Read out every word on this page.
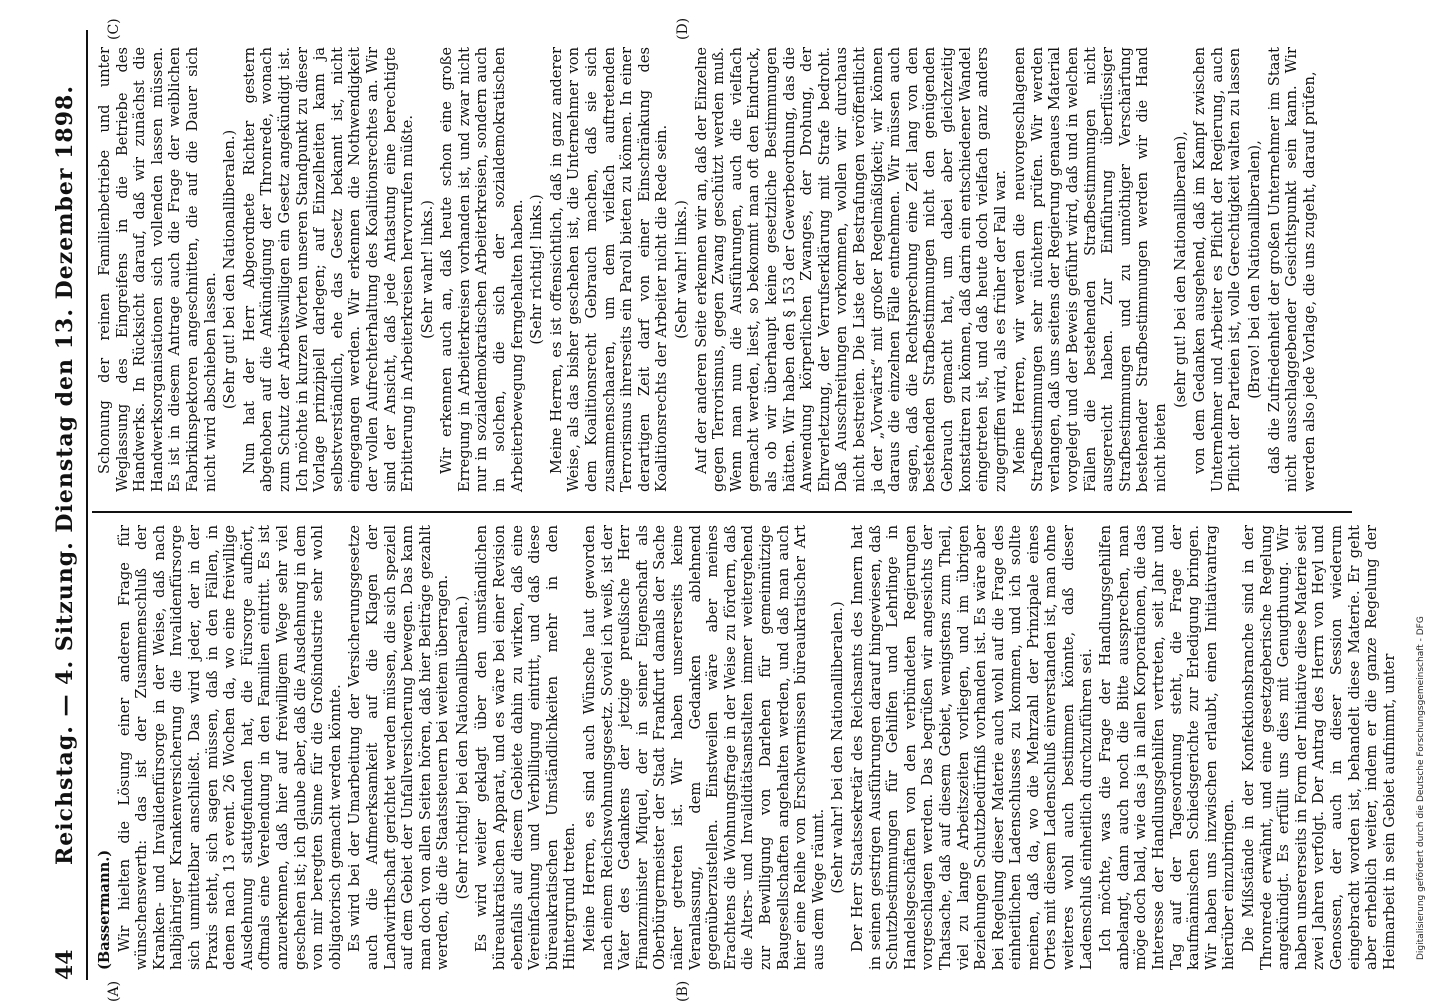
44
Reichstag. — 4. Sitzung. Dienstag den 13. Dezember 1898.
(A)	(B)
(C)	(D)

(Bassermann.) Wir hielten die Lösung einer anderen Frage für wünschenswerth: das ist der Zusammenschluß der Kranken- und Invalidenfürsorge in der Weise, daß nach halbjähriger Krankenversicherung die Invalidenfürsorge sich unmittelbar anschließt. Das wird jeder, der in der Praxis steht, sich sagen müssen, daß in den Fällen, in denen nach 13 event. 26 Wochen da, wo eine freiwillige Ausdehnung stattgefunden hat, die Fürsorge aufhört, oftmals eine Verelendung in den Familien eintritt. Es ist anzuerkennen, daß hier auf freiwilligem Wege sehr viel geschehen ist; ich glaube aber, daß die Ausdehnung in dem von mir beregten Sinne für die Großindustrie sehr wohl obligatorisch gemacht werden könnte. Es wird bei der Umarbeitung der Versicherungsgesetze auch die Aufmerksamkeit auf die Klagen der Landwirthschaft gerichtet werden müssen, die sich speziell auf dem Gebiet der Unfallversicherung bewegen. Das kann man doch von allen Seiten hören, daß hier Beiträge gezahlt werden, die die Staatssteuern bei weitem überragen. (Sehr richtig! bei den Nationalliberalen.) Es wird weiter geklagt über den umständlichen büreaukratischen Apparat, und es wäre bei einer Revision ebenfalls auf diesem Gebiete dahin zu wirken, daß eine Vereinfachung und Verbilligung eintritt, und daß diese büreaukratischen Umständlichkeiten mehr in den Hintergrund treten. Meine Herren, es sind auch Wünsche laut geworden nach einem Reichswohnungsgesetz. Soviel ich weiß, ist der Vater des Gedankens der jetzige preußische Herr Finanzminister Miquel, der in seiner Eigenschaft als Oberbürgermeister der Stadt Frankfurt damals der Sache näher getreten ist. Wir haben unsererseits keine Veranlassung, dem Gedanken ablehnend gegenüberzustellen. Einstweilen wäre aber meines Erachtens die Wohnungsfrage in der Weise zu fördern, daß die Alters- und Invaliditätsanstalten immer weitergehend zur Bewilligung von Darlehen für gemeinnützige Baugesellschaften angehalten werden, und daß man auch hier eine Reihe von Erschwernissen büreaukratischer Art aus dem Wege räumt. (Sehr wahr! bei den Nationalliberalen.) Der Herr Staatssekretär des Reichsamts des Innern hat in seinen gestrigen Ausführungen darauf hingewiesen, daß Schutzbestimmungen für Gehilfen und Lehrlinge in Handelsgeschäften von den verbündeten Regierungen vorgeschlagen werden. Das begrüßen wir angesichts der Thatsache, daß auf diesem Gebiet, wenigstens zum Theil, viel zu lange Arbeitszeiten vorliegen, und im übrigen Beziehungen Schutzbedürfniß vorhanden ist. Es wäre aber bei Regelung dieser Materie auch wohl auf die Frage des einheitlichen Ladenschlusses zu kommen, und ich sollte meinen, daß da, wo die Mehrzahl der Prinzipale eines Ortes mit diesem Ladenschluß einverstanden ist, man ohne weiteres wohl auch bestimmen könnte, daß dieser Ladenschluß einheitlich durchzuführen sei. Ich möchte, was die Frage der Handlungsgehilfen anbelangt, dann auch noch die Bitte aussprechen, man möge doch bald, wie das ja in allen Korporationen, die das Interesse der Handlungsgehilfen vertreten, seit Jahr und Tag auf der Tagesordnung steht, die Frage der kaufmännischen Schiedsgerichte zur Erledigung bringen. Wir haben uns inzwischen erlaubt, einen Initiativantrag hierüber einzubringen. Die Mißstände in der Konfektionsbranche sind in der Thronrede erwähnt, und eine gesetzgeberische Regelung angekündigt. Es erfüllt uns dies mit Genugthuung. Wir haben unsererseits in Form der Initiative diese Materie seit zwei Jahren verfolgt. Der Antrag des Herrn von Heyl und Genossen, der auch in dieser Session wiederum eingebracht worden ist, behandelt diese Materie. Er geht aber erheblich weiter, indem er die ganze Regelung der Heimarbeit in sein Gebiet aufnimmt, unter

Schonung der reinen Familienbetriebe und unter Weglassung des Eingreifens in die Betriebe des Handwerks. In Rücksicht darauf, daß wir zunächst die Handwerksorganisationen sich vollenden lassen müssen. Es ist in diesem Antrage auch die Frage der weiblichen Fabrikinspektoren angeschnitten, die auf die Dauer sich nicht wird abschieben lassen. (Sehr gut! bei den Nationalliberalen.) Nun hat der Herr Abgeordnete Richter gestern abgehoben auf die Ankündigung der Thronrede, wonach zum Schutz der Arbeitswilligen ein Gesetz angekündigt ist. Ich möchte in kurzen Worten unseren Standpunkt zu dieser Vorlage prinzipiell darlegen; auf Einzelheiten kann ja selbstverständlich, ehe das Gesetz bekannt ist, nicht eingegangen werden. Wir erkennen die Nothwendigkeit der vollen Aufrechterhaltung des Koalitionsrechtes an. Wir sind der Ansicht, daß jede Antastung eine berechtigte Erbitterung in Arbeiterkreisen hervorrufen müßte. (Sehr wahr! links.) Wir erkennen auch an, daß heute schon eine große Erregung in Arbeiterkreisen vorhanden ist, und zwar nicht nur in sozialdemokratischen Arbeiterkreisen, sondern auch in solchen, die sich der sozialdemokratischen Arbeiterbewegung ferngehalten haben. (Sehr richtig! links.) Meine Herren, es ist offensichtlich, daß in ganz anderer Weise, als das bisher geschehen ist, die Unternehmer von dem Koalitionsrecht Gebrauch machen, daß sie sich zusammenschaaren, um dem vielfach auftretenden Terrorismus ihrerseits ein Paroli bieten zu können. In einer derartigen Zeit darf von einer Einschränkung des Koalitionsrechts der Arbeiter nicht die Rede sein. (Sehr wahr! links.) Auf der anderen Seite erkennen wir an, daß der Einzelne gegen Terrorismus, gegen Zwang geschützt werden muß. Wenn man nun die Ausführungen, auch die vielfach gemacht werden, liest, so bekommt man oft den Eindruck, als ob wir überhaupt keine gesetzliche Bestimmungen hätten. Wir haben den § 153 der Gewerbeordnung, das die Anwendung körperlichen Zwanges, der Drohung, der Ehrverletzung, der Verrufserklärung mit Strafe bedroht. Daß Ausschreitungen vorkommen, wollen wir durchaus nicht bestreiten. Die Liste der Bestrafungen veröffentlicht ja der „Vorwärts“ mit großer Regelmäßigkeit; wir können daraus die einzelnen Fälle entnehmen. Wir müssen auch sagen, daß die Rechtsprechung eine Zeit lang von den bestehenden Strafbestimmungen nicht den genügenden Gebrauch gemacht hat, um dabei aber gleichzeitig konstatiren zu können, daß darin ein entschiedener Wandel eingetreten ist, und daß heute doch vielfach ganz anders zugegriffen wird, als es früher der Fall war. Meine Herren, wir werden die neuvorgeschlagenen Strafbestimmungen sehr nüchtern prüfen. Wir werden verlangen, daß uns seitens der Regierung genaues Material vorgelegt und der Beweis geführt wird, daß und in welchen Fällen die bestehenden Strafbestimmungen nicht ausgereicht haben. Zur Einführung überflüssiger Strafbestimmungen und zu unnöthiger Verschärfung bestehender Strafbestimmungen werden wir die Hand nicht bieten

(sehr gut! bei den Nationalliberalen), von dem Gedanken ausgehend, daß im Kampf zwischen Unternehmer und Arbeiter es Pflicht der Regierung, auch Pflicht der Parteien ist, volle Gerechtigkeit walten zu lassen (Bravo! bei den Nationalliberalen), daß die Zufriedenheit der großen Unternehmer im Staat nicht ausschlaggebender Gesichtspunkt sein kann. Wir werden also jede Vorlage, die uns zugeht, darauf prüfen,

Digitalisierung gefördert durch die Deutsche Forschungsgemeinschaft - DFG
